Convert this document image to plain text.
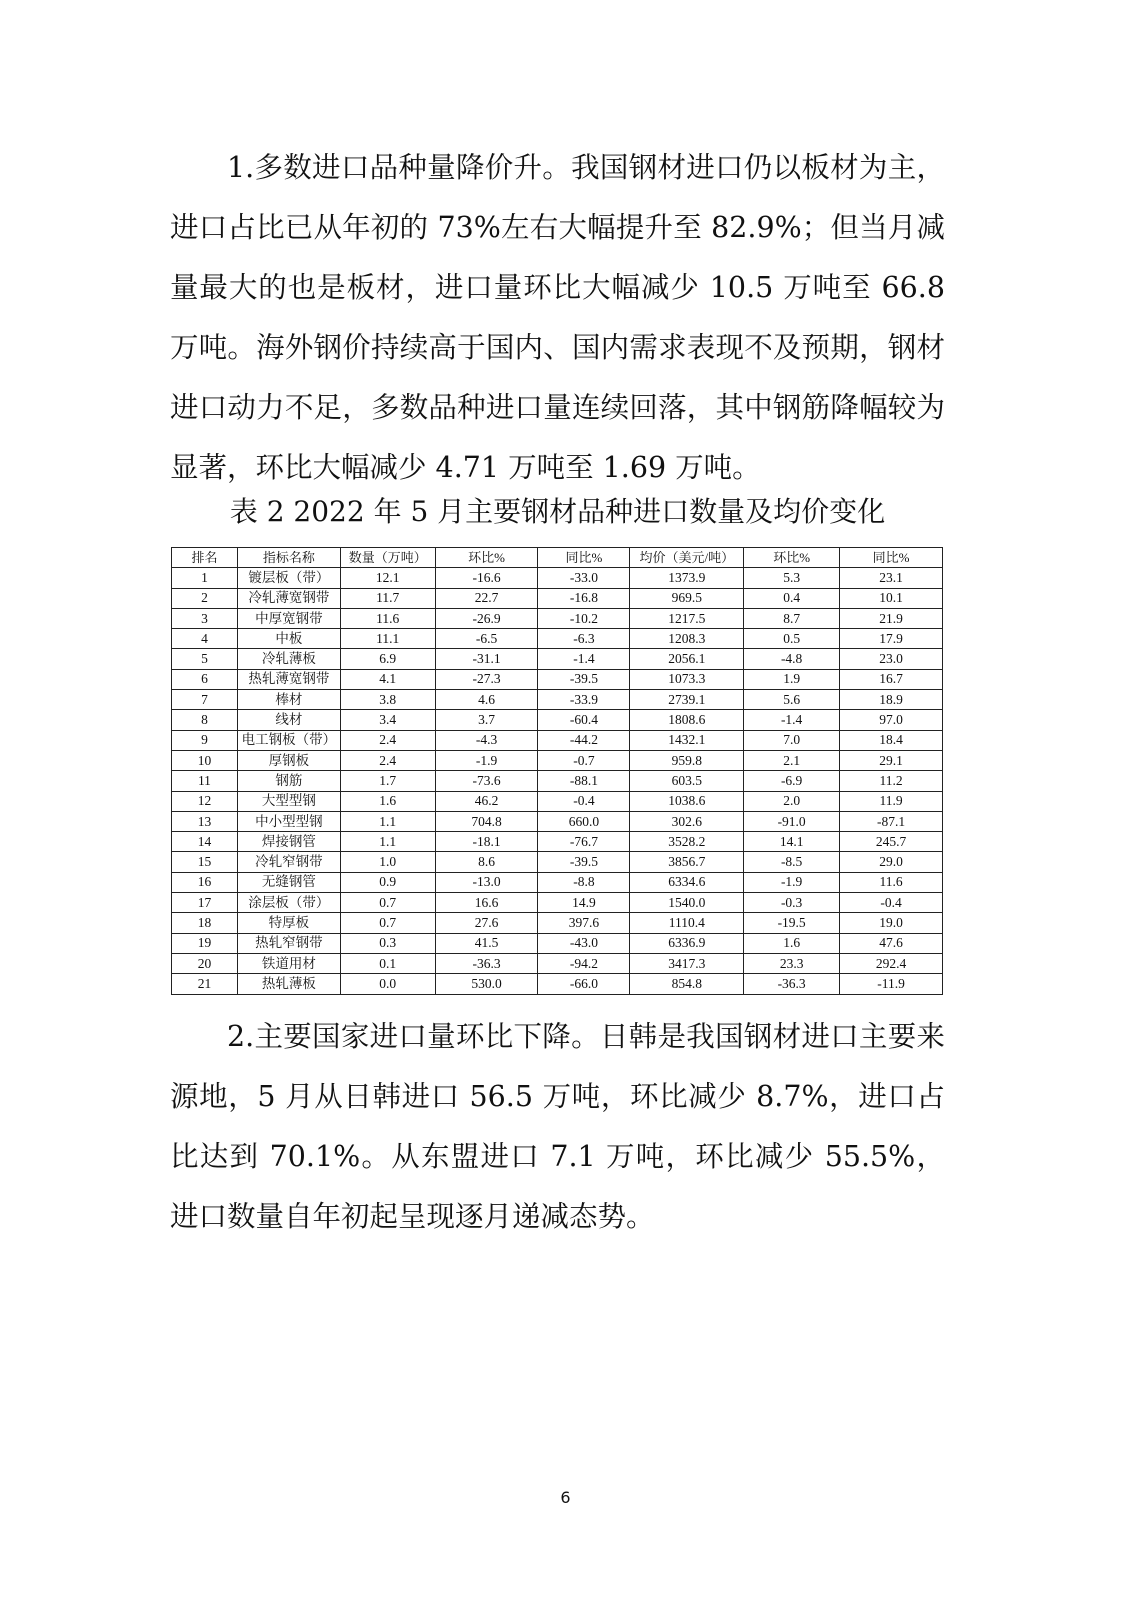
1.多数进口品种量降价升。我国钢材进口仍以板材为主，进口占比已从年初的 73%左右大幅提升至 82.9%；但当月减量最大的也是板材，进口量环比大幅减少 10.5 万吨至 66.8万吨。海外钢价持续高于国内、国内需求表现不及预期，钢材进口动力不足，多数品种进口量连续回落，其中钢筋降幅较为显著，环比大幅减少 4.71 万吨至 1.69 万吨。

表 2 2022 年 5 月主要钢材品种进口数量及均价变化

排名	指标名称	数量（万吨）	环比%	同比%	均价（美元/吨）	环比%	同比%
1	镀层板（带）	12.1	-16.6	-33.0	1373.9	5.3	23.1
2	冷轧薄宽钢带	11.7	22.7	-16.8	969.5	0.4	10.1
3	中厚宽钢带	11.6	-26.9	-10.2	1217.5	8.7	21.9
4	中板	11.1	-6.5	-6.3	1208.3	0.5	17.9
5	冷轧薄板	6.9	-31.1	-1.4	2056.1	-4.8	23.0
6	热轧薄宽钢带	4.1	-27.3	-39.5	1073.3	1.9	16.7
7	棒材	3.8	4.6	-33.9	2739.1	5.6	18.9
8	线材	3.4	3.7	-60.4	1808.6	-1.4	97.0
9	电工钢板（带）	2.4	-4.3	-44.2	1432.1	7.0	18.4
10	厚钢板	2.4	-1.9	-0.7	959.8	2.1	29.1
11	钢筋	1.7	-73.6	-88.1	603.5	-6.9	11.2
12	大型型钢	1.6	46.2	-0.4	1038.6	2.0	11.9
13	中小型型钢	1.1	704.8	660.0	302.6	-91.0	-87.1
14	焊接钢管	1.1	-18.1	-76.7	3528.2	14.1	245.7
15	冷轧窄钢带	1.0	8.6	-39.5	3856.7	-8.5	29.0
16	无缝钢管	0.9	-13.0	-8.8	6334.6	-1.9	11.6
17	涂层板（带）	0.7	16.6	14.9	1540.0	-0.3	-0.4
18	特厚板	0.7	27.6	397.6	1110.4	-19.5	19.0
19	热轧窄钢带	0.3	41.5	-43.0	6336.9	1.6	47.6
20	铁道用材	0.1	-36.3	-94.2	3417.3	23.3	292.4
21	热轧薄板	0.0	530.0	-66.0	854.8	-36.3	-11.9

2.主要国家进口量环比下降。日韩是我国钢材进口主要来源地，5 月从日韩进口 56.5 万吨，环比减少 8.7%，进口占比达到 70.1%。从东盟进口 7.1 万吨，环比减少 55.5%，进口数量自年初起呈现逐月递减态势。

6
